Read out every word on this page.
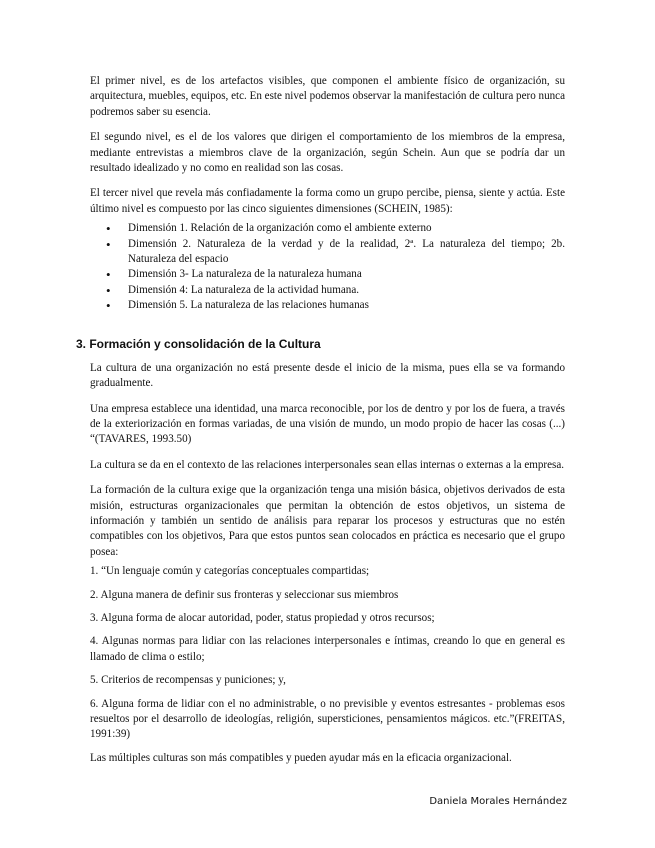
El primer nivel, es de los artefactos visibles, que componen el ambiente físico de organización, su arquitectura, muebles, equipos, etc. En este nivel podemos observar la manifestación de cultura pero nunca podremos saber su esencia.

El segundo nivel, es el de los valores que dirigen el comportamiento de los miembros de la empresa, mediante entrevistas a miembros clave de la organización, según Schein. Aun que se podría dar un resultado idealizado y no como en realidad son las cosas.

El tercer nivel que revela más confiadamente la forma como un grupo percibe, piensa, siente y actúa. Este último nivel es compuesto por las cinco siguientes dimensiones (SCHEIN, 1985):

• Dimensión 1. Relación de la organización como el ambiente externo
• Dimensión 2. Naturaleza de la verdad y de la realidad, 2ª. La naturaleza del tiempo; 2b. Naturaleza del espacio
• Dimensión 3- La naturaleza de la naturaleza humana
• Dimensión 4: La naturaleza de la actividad humana.
• Dimensión 5. La naturaleza de las relaciones humanas
3. Formación y consolidación de la Cultura

La cultura de una organización no está presente desde el inicio de la misma, pues ella se va formando gradualmente.

Una empresa establece una identidad, una marca reconocible, por los de dentro y por los de fuera, a través de la exteriorización en formas variadas, de una visión de mundo, un modo propio de hacer las cosas (...) “(TAVARES, 1993.50)

La cultura se da en el contexto de las relaciones interpersonales sean ellas internas o externas a la empresa.

La formación de la cultura exige que la organización tenga una misión básica, objetivos derivados de esta misión, estructuras organizacionales que permitan la obtención de estos objetivos, un sistema de información y también un sentido de análisis para reparar los procesos y estructuras que no estén compatibles con los objetivos, Para que estos puntos sean colocados en práctica es necesario que el grupo posea:

1. “Un lenguaje común y categorías conceptuales compartidas;

2. Alguna manera de definir sus fronteras y seleccionar sus miembros

3. Alguna forma de alocar autoridad, poder, status propiedad y otros recursos;

4. Algunas normas para lidiar con las relaciones interpersonales e íntimas, creando lo que en general es llamado de clima o estilo;

5. Criterios de recompensas y puniciones; y,

6. Alguna forma de lidiar con el no administrable, o no previsible y eventos estresantes - problemas esos resueltos por el desarrollo de ideologías, religión, supersticiones, pensamientos mágicos. etc.”(FREITAS, 1991:39)

Las múltiples culturas son más compatibles y pueden ayudar más en la eficacia organizacional.

Daniela Morales Hernández
